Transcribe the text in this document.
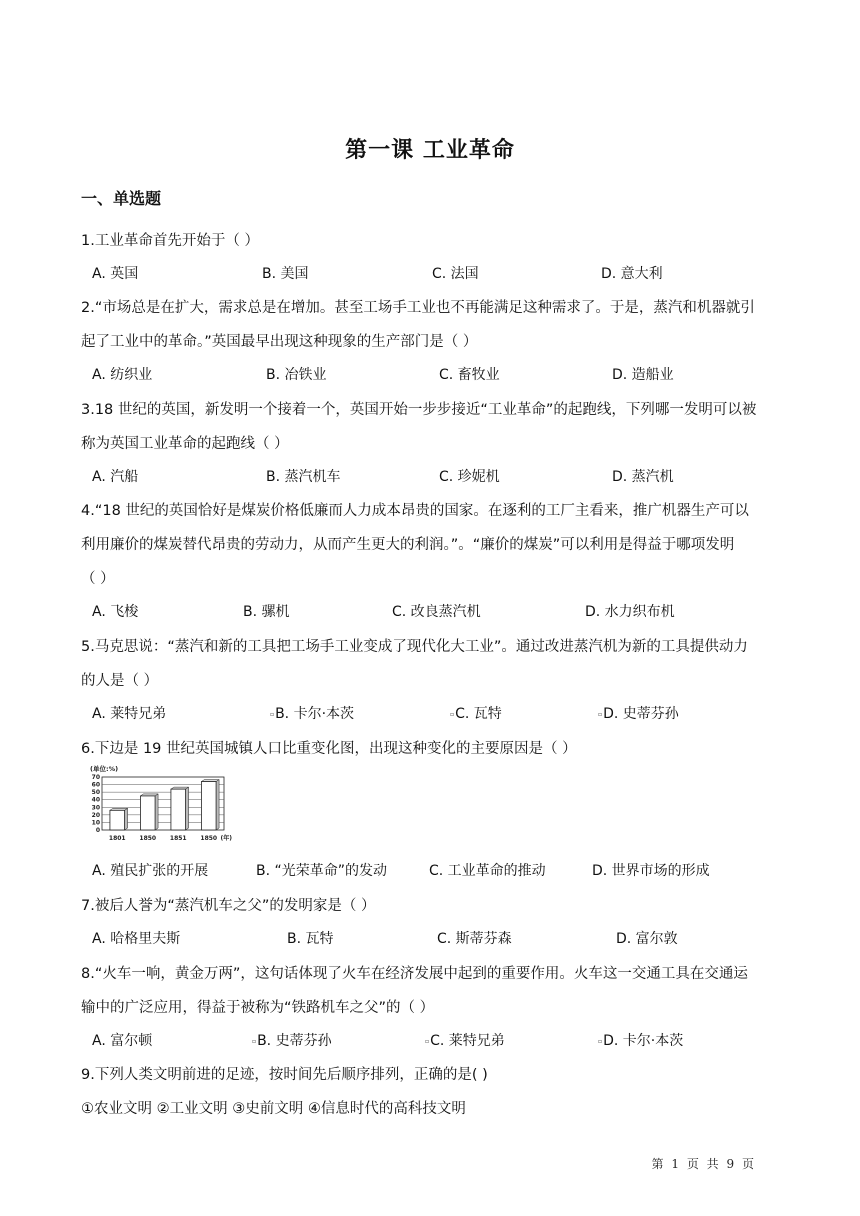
第一课 工业革命
一、单选题
1.工业革命首先开始于（ ）
A. 英国	B. 美国	C. 法国	D. 意大利
2.“市场总是在扩大，需求总是在增加。甚至工场手工业也不再能满足这种需求了。于是，蒸汽和机器就引
起了工业中的革命。”英国最早出现这种现象的生产部门是（ ）
A. 纺织业	B. 冶铁业	C. 畜牧业	D. 造船业
3.18 世纪的英国，新发明一个接着一个，英国开始一步步接近“工业革命”的起跑线，下列哪一发明可以被
称为英国工业革命的起跑线（ ）
A. 汽船	B. 蒸汽机车	C. 珍妮机	D. 蒸汽机
4.“18 世纪的英国恰好是煤炭价格低廉而人力成本昂贵的国家。在逐利的工厂主看来，推广机器生产可以
利用廉价的煤炭替代昂贵的劳动力，从而产生更大的利润。”。“廉价的煤炭”可以利用是得益于哪项发明
（ ）
A. 飞梭	B. 骡机	C. 改良蒸汽机	D. 水力织布机
5.马克思说：“蒸汽和新的工具把工场手工业变成了现代化大工业”。通过改进蒸汽机为新的工具提供动力
的人是（ ）
A. 莱特兄弟	▫B. 卡尔·本茨	▫C. 瓦特	▫D. 史蒂芬孙
6.下边是 19 世纪英国城镇人口比重变化图，出现这种变化的主要原因是（ ）
(单位:%)
70
60
50
40
30
20
10
0
1801 1850 1851 1850 (年)
A. 殖民扩张的开展	B. “光荣革命”的发动	C. 工业革命的推动	D. 世界市场的形成
7.被后人誉为“蒸汽机车之父”的发明家是（ ）
A. 哈格里夫斯	B. 瓦特	C. 斯蒂芬森	D. 富尔敦
8.“火车一响，黄金万两”，这句话体现了火车在经济发展中起到的重要作用。火车这一交通工具在交通运
输中的广泛应用，得益于被称为“铁路机车之父”的（ ）
A. 富尔顿	▫B. 史蒂芬孙	▫C. 莱特兄弟	▫D. 卡尔·本茨
9.下列人类文明前进的足迹，按时间先后顺序排列，正确的是( )
①农业文明 ②工业文明 ③史前文明 ④信息时代的高科技文明
第 1 页 共 9 页
